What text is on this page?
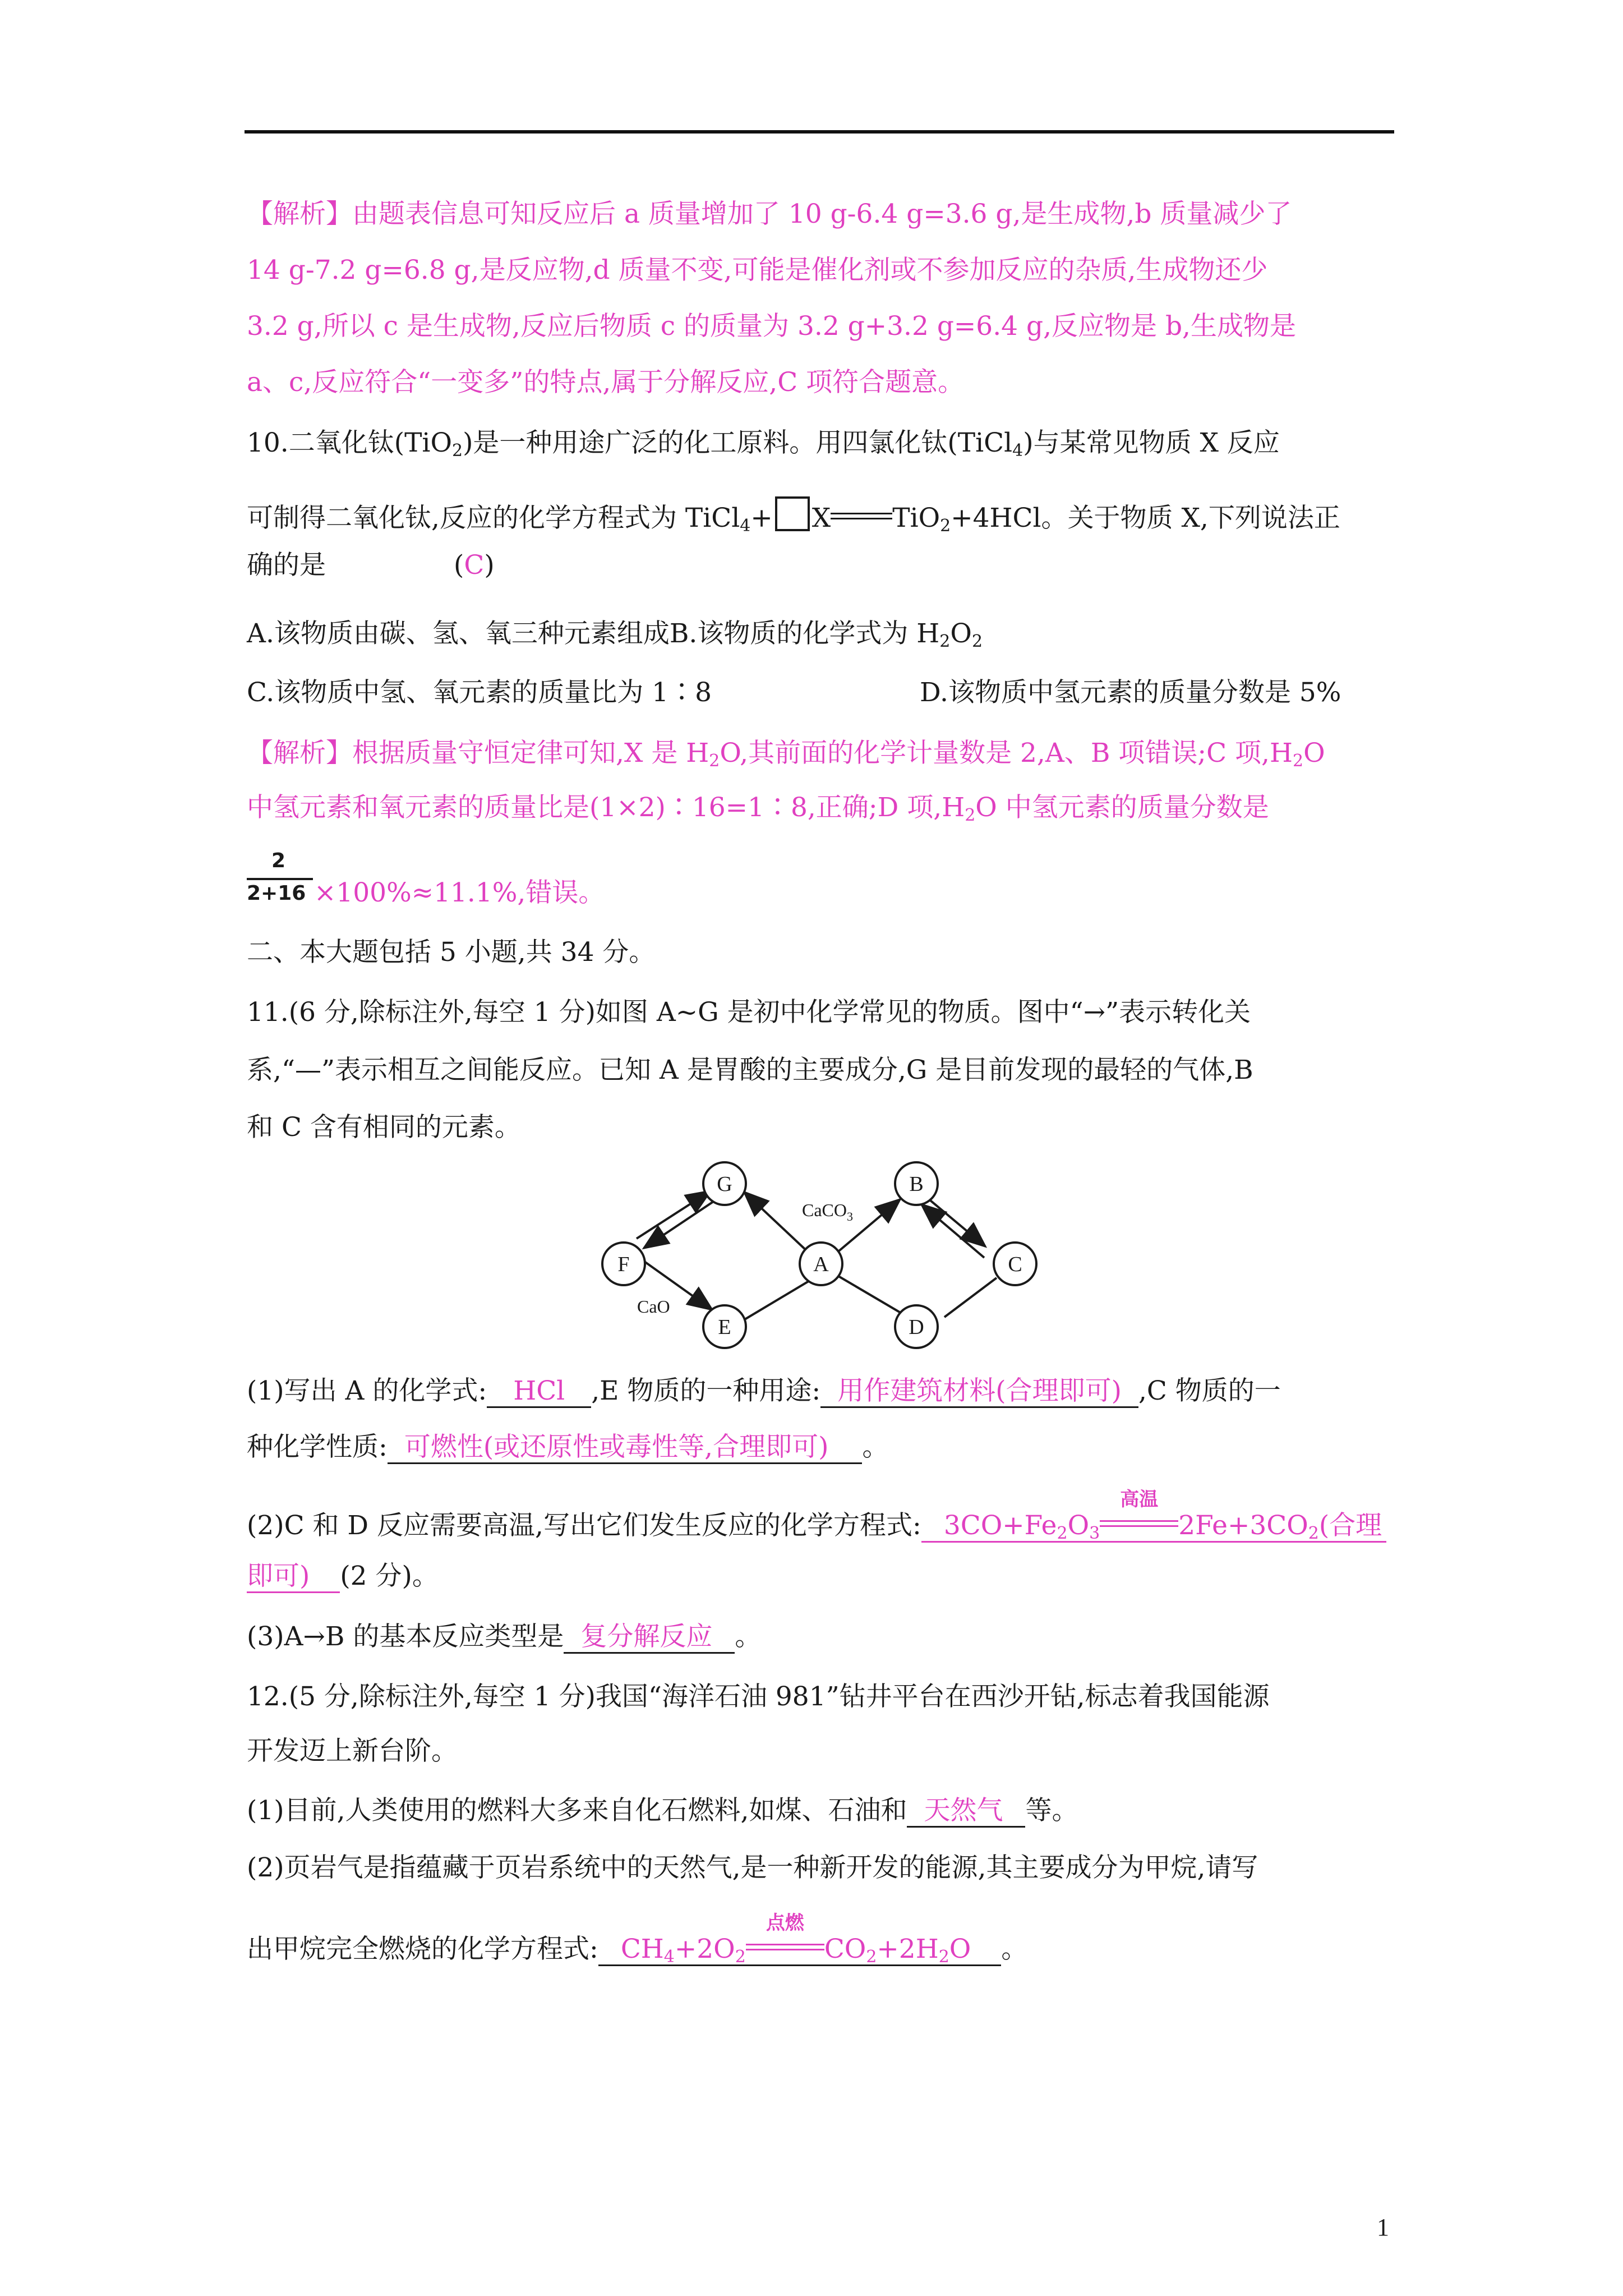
【解析】由题表信息可知反应后 a 质量增加了 10 g-6.4 g=3.6 g,是生成物,b 质量减少了
14 g-7.2 g=6.8 g,是反应物,d 质量不变,可能是催化剂或不参加反应的杂质,生成物还少
3.2 g,所以 c 是生成物,反应后物质 c 的质量为 3.2 g+3.2 g=6.4 g,反应物是 b,生成物是
a、c,反应符合“一变多”的特点,属于分解反应,C 项符合题意。
10.二氧化钛(TiO$_2$)是一种用途广泛的化工原料。用四氯化钛(TiCl$_4$)与某常见物质 X 反应
可制得二氧化钛,反应的化学方程式为 TiCl$_4$+ X TiO$_2$+4HCl。关于物质 X,下列说法正
确的是	(C)
A.该物质由碳、氢、氧三种元素组成B.该物质的化学式为 $H_2O_2$
C.该物质中氢、氧元素的质量比为 1∶8	D.该物质中氢元素的质量分数是 5%
【解析】根据质量守恒定律可知,X 是 $H_2O$,其前面的化学计量数是 2,A、B 项错误;C 项$,H_2O$
中氢元素和氧元素的质量比是(1×2)∶16=1∶8,正确;D 项$,H_2O$ 中氢元素的质量分数是
2
2+16 ×100%≈11.1%,错误。
二、本大题包括 5 小题,共 34 分。
11.(6 分,除标注外,每空 1 分)如图 A~G 是初中化学常见的物质。图中“→”表示转化关
系,“—”表示相互之间能反应。已知 A 是胃酸的主要成分,G 是目前发现的最轻的气体,B
和 C 含有相同的元素。
G	B
F	A	C
E	D
CaCO$_3$
CaO
(1)写出 A 的化学式: HCl ,E 物质的一种用途: 用作建筑材料(合理即可) ,C 物质的一
种化学性质: 可燃性(或还原性或毒性等,合理即可) 。
(2)C 和 D 反应需要高温,写出它们发生反应的化学方程式: $3CO+Fe_2O_3$
高温
$2Fe+3CO_2$(合理
即可) (2 分)。
(3)A→B 的基本反应类型是 复分解反应 。
12.(5 分,除标注外,每空 1 分)我国“海洋石油 981”钻井平台在西沙开钻,标志着我国能源
开发迈上新台阶。
(1)目前,人类使用的燃料大多来自化石燃料,如煤、石油和 天然气 等。
(2)页岩气是指蕴藏于页岩系统中的天然气,是一种新开发的能源,其主要成分为甲烷,请写
出甲烷完全燃烧的化学方程式: $CH_4+2O_2$
点燃
$CO_2+2H_2O$ 。
1
